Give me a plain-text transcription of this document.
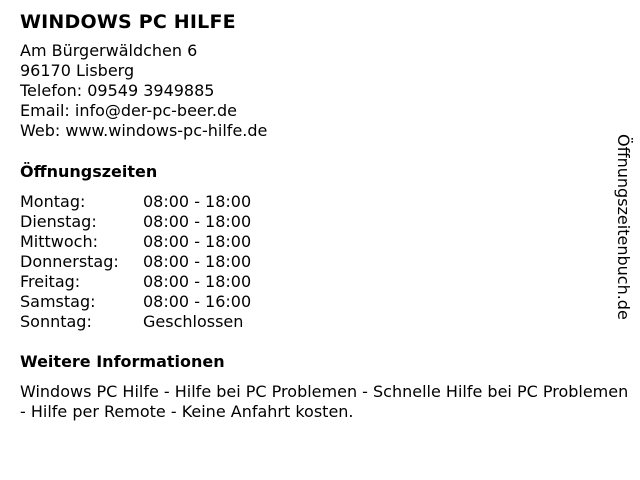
WINDOWS PC HILFE
Am Bürgerwäldchen 6
96170 Lisberg
Telefon: 09549 3949885
Email: info@der-pc-beer.de
Web: www.windows-pc-hilfe.de
Öffnungszeiten
Montag:	08:00 - 18:00
Dienstag:	08:00 - 18:00
Mittwoch:	08:00 - 18:00
Donnerstag:	08:00 - 18:00
Freitag:	08:00 - 18:00
Samstag:	08:00 - 16:00
Sonntag:	Geschlossen
Weitere Informationen
Windows PC Hilfe - Hilfe bei PC Problemen - Schnelle Hilfe bei PC Problemen - Hilfe per Remote - Keine Anfahrt kosten.
Öffnungszeitenbuch.de
